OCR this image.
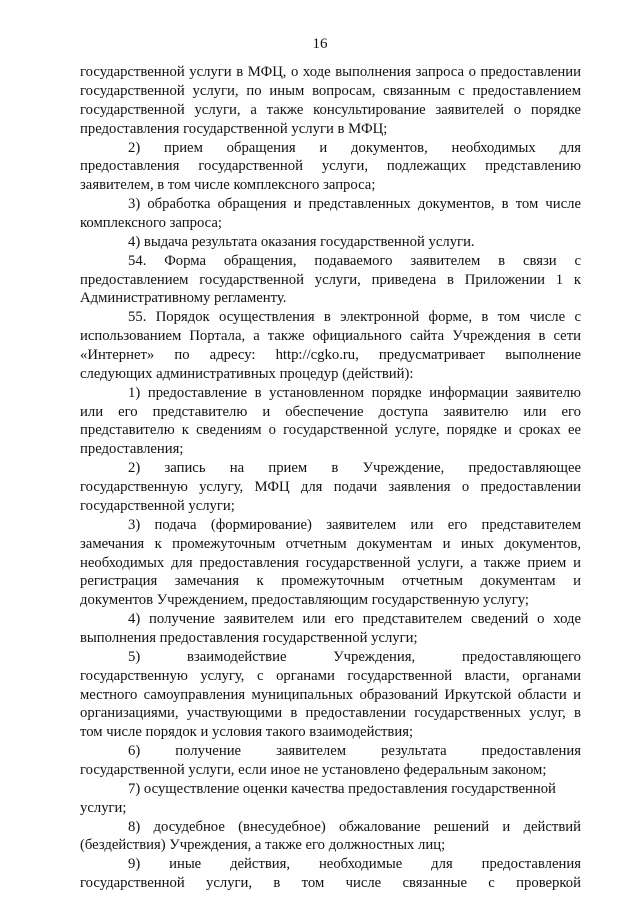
16
государственной услуги в МФЦ, о ходе выполнения запроса о предоставлении
государственной услуги, по иным вопросам, связанным с предоставлением
государственной услуги, а также консультирование заявителей о порядке
предоставления государственной услуги в МФЦ;
2) прием обращения и документов, необходимых для
предоставления государственной услуги, подлежащих представлению
заявителем, в том числе комплексного запроса;
3) обработка обращения и представленных документов, в том числе
комплексного запроса;
4) выдача результата оказания государственной услуги.
54. Форма обращения, подаваемого заявителем в связи с
предоставлением государственной услуги, приведена в Приложении 1 к
Административному регламенту.
55. Порядок осуществления в электронной форме, в том числе с
использованием Портала, а также официального сайта Учреждения в сети
«Интернет» по адресу: http://cgko.ru, предусматривает выполнение
следующих административных процедур (действий):
1) предоставление в установленном порядке информации заявителю
или его представителю и обеспечение доступа заявителю или его
представителю к сведениям о государственной услуге, порядке и сроках ее
предоставления;
2) запись на прием в Учреждение, предоставляющее
государственную услугу, МФЦ для подачи заявления о предоставлении
государственной услуги;
3) подача (формирование) заявителем или его представителем
замечания к промежуточным отчетным документам и иных документов,
необходимых для предоставления государственной услуги, а также прием и
регистрация замечания к промежуточным отчетным документам и
документов Учреждением, предоставляющим государственную услугу;
4) получение заявителем или его представителем сведений о ходе
выполнения предоставления государственной услуги;
5) взаимодействие Учреждения, предоставляющего
государственную услугу, с органами государственной власти, органами
местного самоуправления муниципальных образований Иркутской области и
организациями, участвующими в предоставлении государственных услуг, в
том числе порядок и условия такого взаимодействия;
6) получение заявителем результата предоставления
государственной услуги, если иное не установлено федеральным законом;
7) осуществление оценки качества предоставления государственной
услуги;
8) досудебное (внесудебное) обжалование решений и действий
(бездействия) Учреждения, а также его должностных лиц;
9) иные действия, необходимые для предоставления
государственной услуги, в том числе связанные с проверкой
